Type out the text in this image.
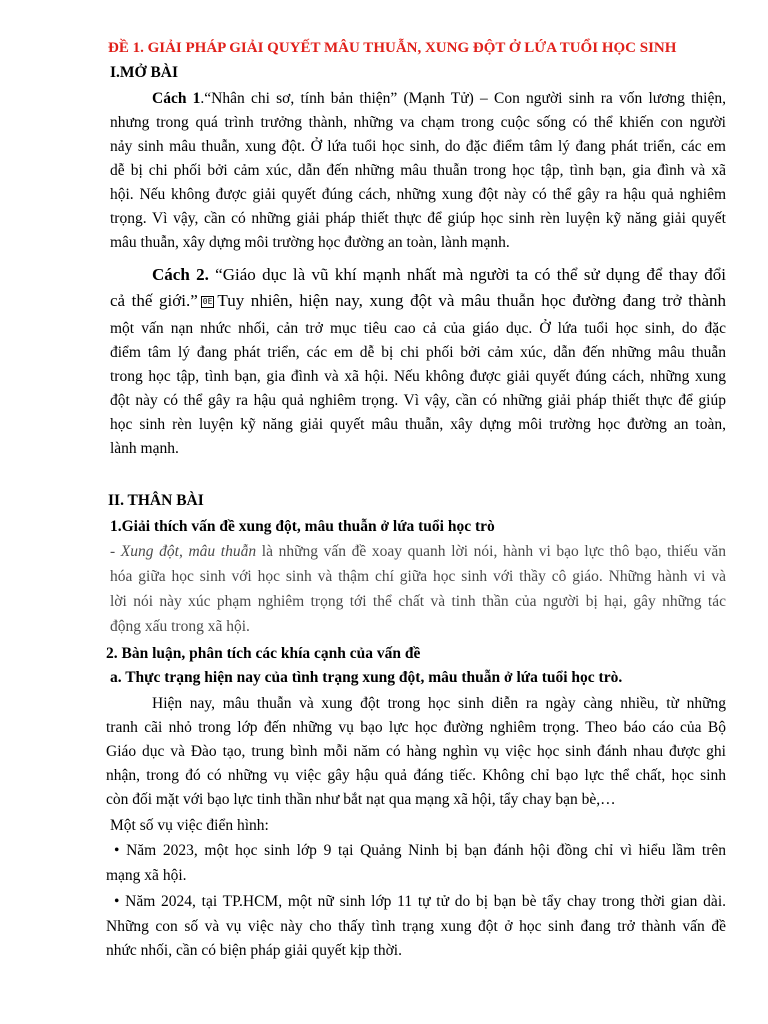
ĐỀ 1. GIẢI PHÁP GIẢI QUYẾT MÂU THUẪN, XUNG ĐỘT Ở LỨA TUỔI HỌC SINH
I.MỞ BÀI
Cách 1.“Nhân chi sơ, tính bản thiện” (Mạnh Tử) – Con người sinh ra vốn lương thiện,
nhưng trong quá trình trưởng thành, những va chạm trong cuộc sống có thể khiến con người
nảy sinh mâu thuẫn, xung đột. Ở lứa tuổi học sinh, do đặc điểm tâm lý đang phát triển, các em
dễ bị chi phối bởi cảm xúc, dẫn đến những mâu thuẫn trong học tập, tình bạn, gia đình và xã
hội. Nếu không được giải quyết đúng cách, những xung đột này có thể gây ra hậu quả nghiêm
trọng. Vì vậy, cần có những giải pháp thiết thực để giúp học sinh rèn luyện kỹ năng giải quyết
mâu thuẫn, xây dựng môi trường học đường an toàn, lành mạnh.
Cách 2. “Giáo dục là vũ khí mạnh nhất mà người ta có thể sử dụng để thay đổi
cả thế giới.” 0E Tuy nhiên, hiện nay, xung đột và mâu thuẫn học đường đang trở thành
một vấn nạn nhức nhối, cản trở mục tiêu cao cả của giáo dục. Ở lứa tuổi học sinh, do đặc
điểm tâm lý đang phát triển, các em dễ bị chi phối bởi cảm xúc, dẫn đến những mâu thuẫn
trong học tập, tình bạn, gia đình và xã hội. Nếu không được giải quyết đúng cách, những xung
đột này có thể gây ra hậu quả nghiêm trọng. Vì vậy, cần có những giải pháp thiết thực để giúp
học sinh rèn luyện kỹ năng giải quyết mâu thuẫn, xây dựng môi trường học đường an toàn,
lành mạnh.
II. THÂN BÀI
1.Giải thích vấn đề xung đột, mâu thuẫn ở lứa tuổi học trò
- Xung đột, mâu thuẫn là những vấn đề xoay quanh lời nói, hành vi bạo lực thô bạo, thiếu văn
hóa giữa học sinh với học sinh và thậm chí giữa học sinh với thầy cô giáo. Những hành vi và
lời nói này xúc phạm nghiêm trọng tới thể chất và tinh thần của người bị hại, gây những tác
động xấu trong xã hội.
2. Bàn luận, phân tích các khía cạnh của vấn đề
a. Thực trạng hiện nay của tình trạng xung đột, mâu thuẫn ở lứa tuổi học trò.
Hiện nay, mâu thuẫn và xung đột trong học sinh diễn ra ngày càng nhiều, từ những
tranh cãi nhỏ trong lớp đến những vụ bạo lực học đường nghiêm trọng. Theo báo cáo của Bộ
Giáo dục và Đào tạo, trung bình mỗi năm có hàng nghìn vụ việc học sinh đánh nhau được ghi
nhận, trong đó có những vụ việc gây hậu quả đáng tiếc. Không chỉ bạo lực thể chất, học sinh
còn đối mặt với bạo lực tinh thần như bắt nạt qua mạng xã hội, tẩy chay bạn bè,…
Một số vụ việc điển hình:
• Năm 2023, một học sinh lớp 9 tại Quảng Ninh bị bạn đánh hội đồng chỉ vì hiểu lầm trên
mạng xã hội.
• Năm 2024, tại TP.HCM, một nữ sinh lớp 11 tự tử do bị bạn bè tẩy chay trong thời gian dài.
Những con số và vụ việc này cho thấy tình trạng xung đột ở học sinh đang trở thành vấn đề
nhức nhối, cần có biện pháp giải quyết kịp thời.
